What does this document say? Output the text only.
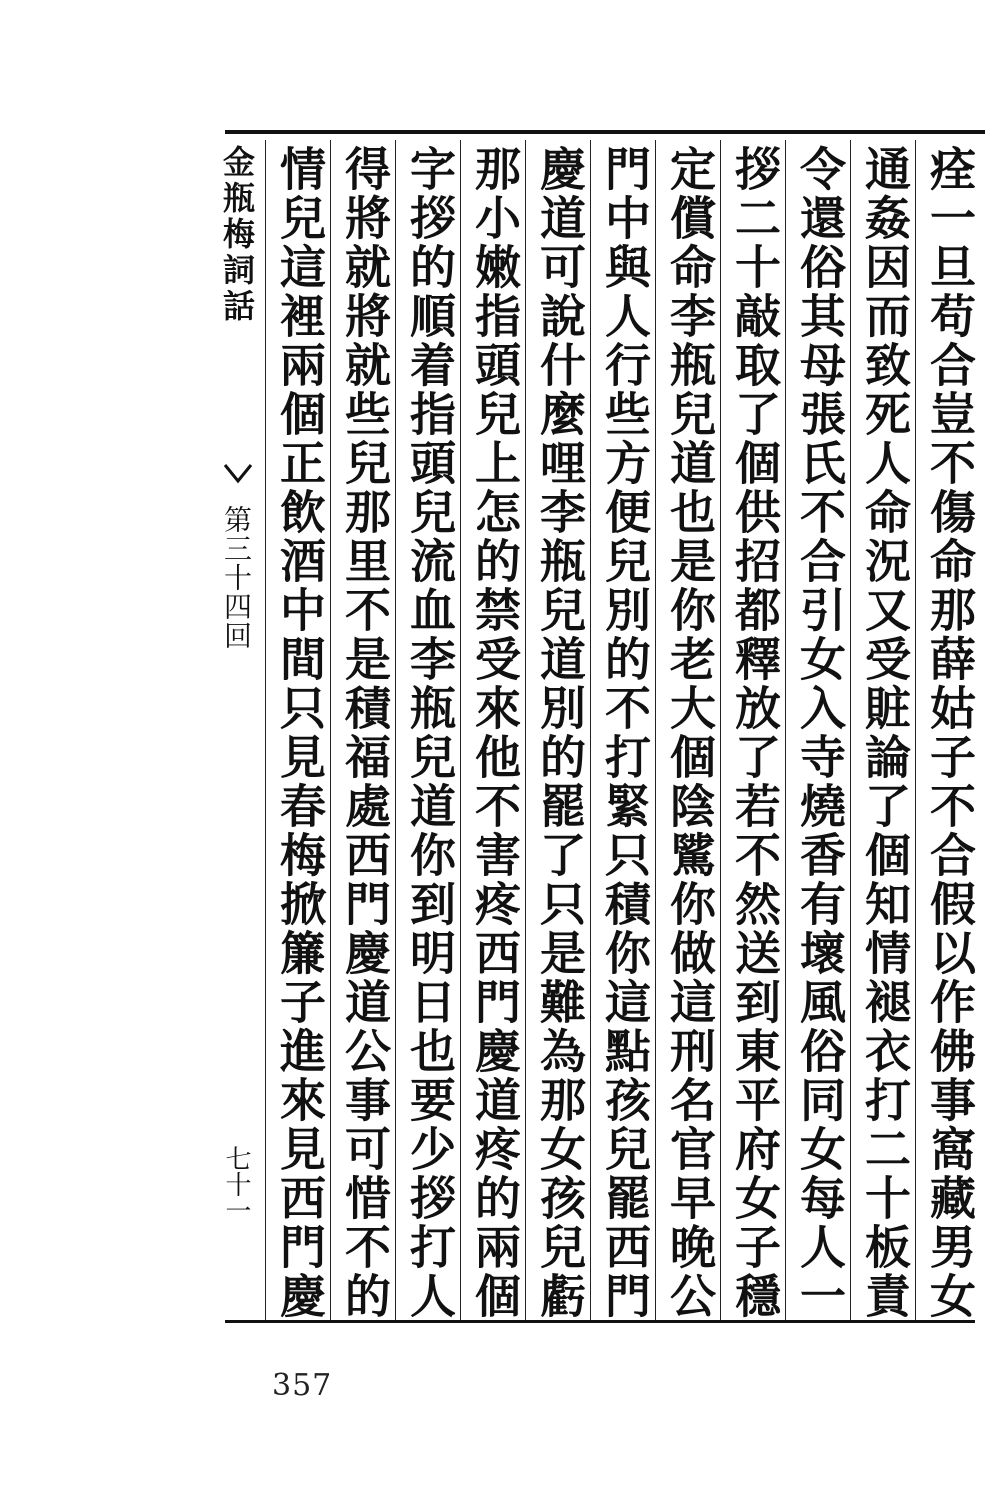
金瓶梅詞話
第三十四回
七十一	痊一旦苟合豈不傷命那薛姑子不合假以作佛事窩藏男女
通姦因而致死人命況又受賍論了個知情褪衣打二十板責
令還俗其母張氏不合引女入寺燒香有壞風俗同女每人一
拶二十敲取了個供招都釋放了若不然送到東平府女子穩
定償命李瓶兒道也是你老大個陰騭你做這刑名官早晚公
門中與人行些方便兒別的不打緊只積你這點孩兒罷西門
慶道可說什麼哩李瓶兒道別的罷了只是難為那女孩兒虧
那小嫩指頭兒上怎的禁受來他不害疼西門慶道疼的兩個
字拶的順着指頭兒流血李瓶兒道你到明日也要少拶打人
得將就將就些兒那里不是積福處西門慶道公事可惜不的
情兒這裡兩個正飲酒中間只見春梅掀簾子進來見西門慶
357
